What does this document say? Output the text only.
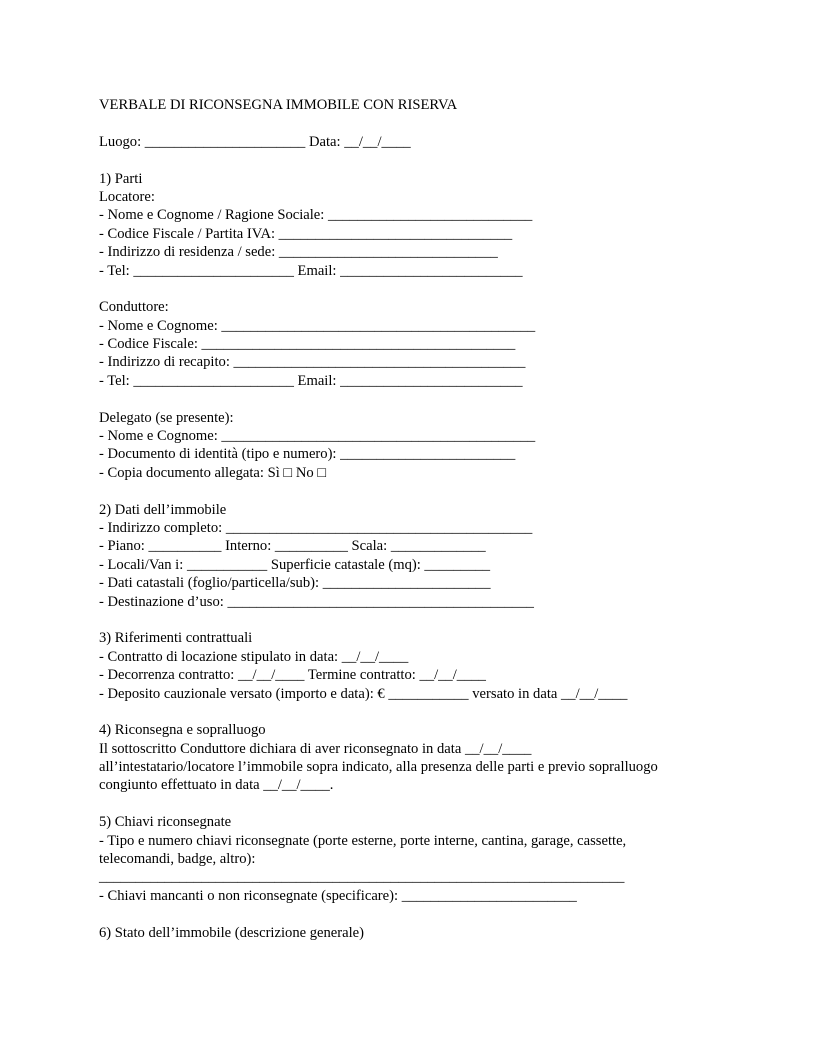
VERBALE DI RICONSEGNA IMMOBILE CON RISERVA
Luogo: ______________________ Data: __/__/____
1) Parti
Locatore:
- Nome e Cognome / Ragione Sociale: ____________________________
- Codice Fiscale / Partita IVA: ________________________________
- Indirizzo di residenza / sede: ______________________________
- Tel: ______________________ Email: _________________________
Conduttore:
- Nome e Cognome: ___________________________________________
- Codice Fiscale: ___________________________________________
- Indirizzo di recapito: ________________________________________
- Tel: ______________________ Email: _________________________
Delegato (se presente):
- Nome e Cognome: ___________________________________________
- Documento di identità (tipo e numero): ________________________
- Copia documento allegata: Sì □ No □
2) Dati dell’immobile
- Indirizzo completo: __________________________________________
- Piano: __________ Interno: __________ Scala: _____________
- Locali/Van i: ___________ Superficie catastale (mq): _________
- Dati catastali (foglio/particella/sub): _______________________
- Destinazione d’uso: __________________________________________
3) Riferimenti contrattuali
- Contratto di locazione stipulato in data: __/__/____
- Decorrenza contratto: __/__/____ Termine contratto: __/__/____
- Deposito cauzionale versato (importo e data): € ___________ versato in data __/__/____
4) Riconsegna e sopralluogo
Il sottoscritto Conduttore dichiara di aver riconsegnato in data __/__/____
all’intestatario/locatore l’immobile sopra indicato, alla presenza delle parti e previo sopralluogo
congiunto effettuato in data __/__/____.
5) Chiavi riconsegnate
- Tipo e numero chiavi riconsegnate (porte esterne, porte interne, cantina, garage, cassette,
telecomandi, badge, altro):
________________________________________________________________________
- Chiavi mancanti o non riconsegnate (specificare): ________________________
6) Stato dell’immobile (descrizione generale)
